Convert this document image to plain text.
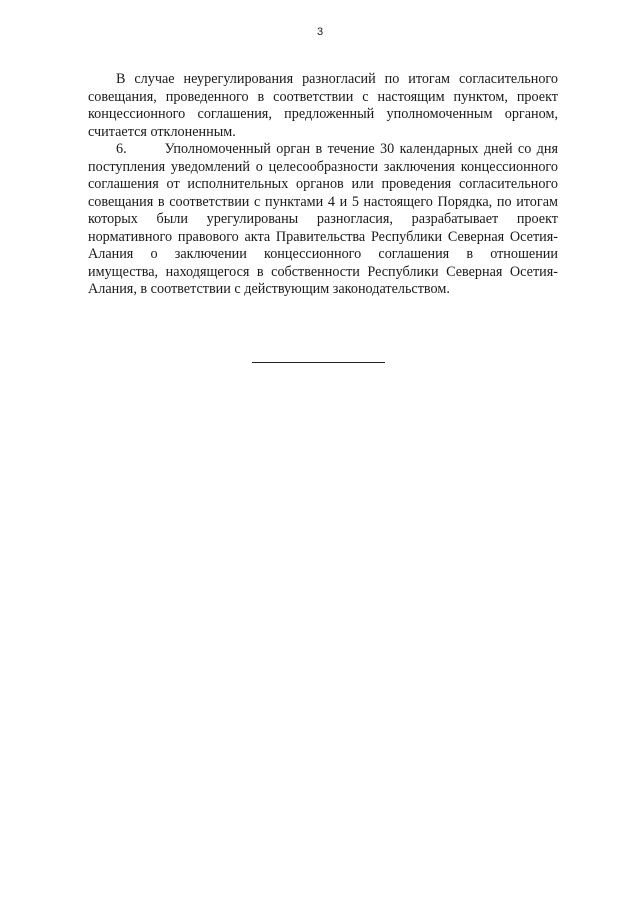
3
В случае неурегулирования разногласий по итогам согласительного
совещания, проведенного в соответствии с настоящим пунктом, проект
концессионного соглашения, предложенный уполномоченным органом,
считается отклоненным.
6.	Уполномоченный орган в течение 30 календарных дней со дня
поступления уведомлений о целесообразности заключения концессионного
соглашения от исполнительных органов или проведения согласительного
совещания в соответствии с пунктами 4 и 5 настоящего Порядка, по итогам
которых были урегулированы разногласия, разрабатывает проект
нормативного правового акта Правительства Республики Северная Осетия-
Алания о заключении концессионного соглашения в отношении
имущества, находящегося в собственности Республики Северная Осетия-
Алания, в соответствии с действующим законодательством.
